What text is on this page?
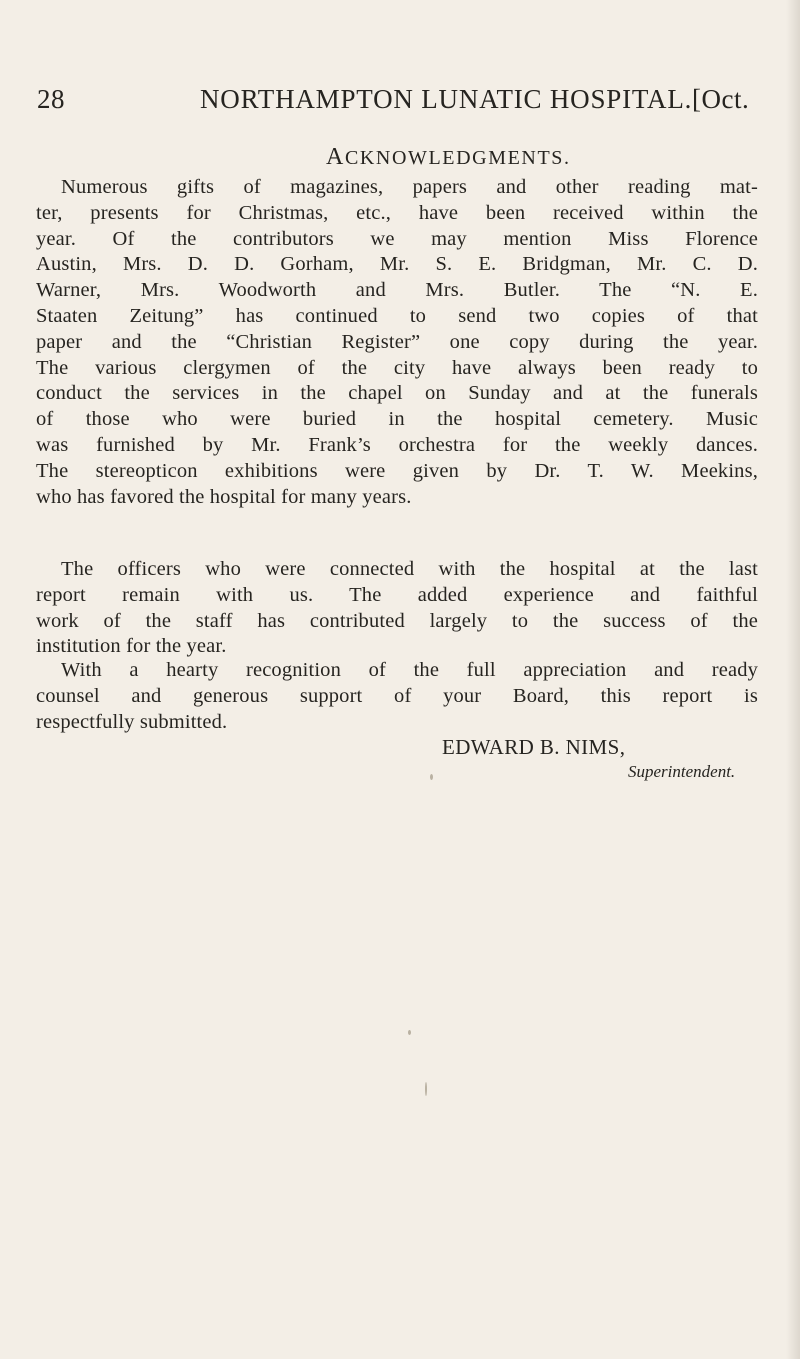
28	NORTHAMPTON LUNATIC HOSPITAL. [Oct.
ACKNOWLEDGMENTS.
Numerous gifts of magazines, papers and other reading mat-
ter, presents for Christmas, etc., have been received within the
year. Of the contributors we may mention Miss Florence
Austin, Mrs. D. D. Gorham, Mr. S. E. Bridgman, Mr. C. D.
Warner, Mrs. Woodworth and Mrs. Butler. The “N. E.
Staaten Zeitung” has continued to send two copies of that
paper and the “Christian Register” one copy during the year.
The various clergymen of the city have always been ready to
conduct the services in the chapel on Sunday and at the funerals
of those who were buried in the hospital cemetery. Music
was furnished by Mr. Frank’s orchestra for the weekly dances.
The stereopticon exhibitions were given by Dr. T. W. Meekins,
who has favored the hospital for many years.
The officers who were connected with the hospital at the last
report remain with us. The added experience and faithful
work of the staff has contributed largely to the success of the
institution for the year.
With a hearty recognition of the full appreciation and ready
counsel and generous support of your Board, this report is
respectfully submitted.
EDWARD B. NIMS,
Superintendent.
